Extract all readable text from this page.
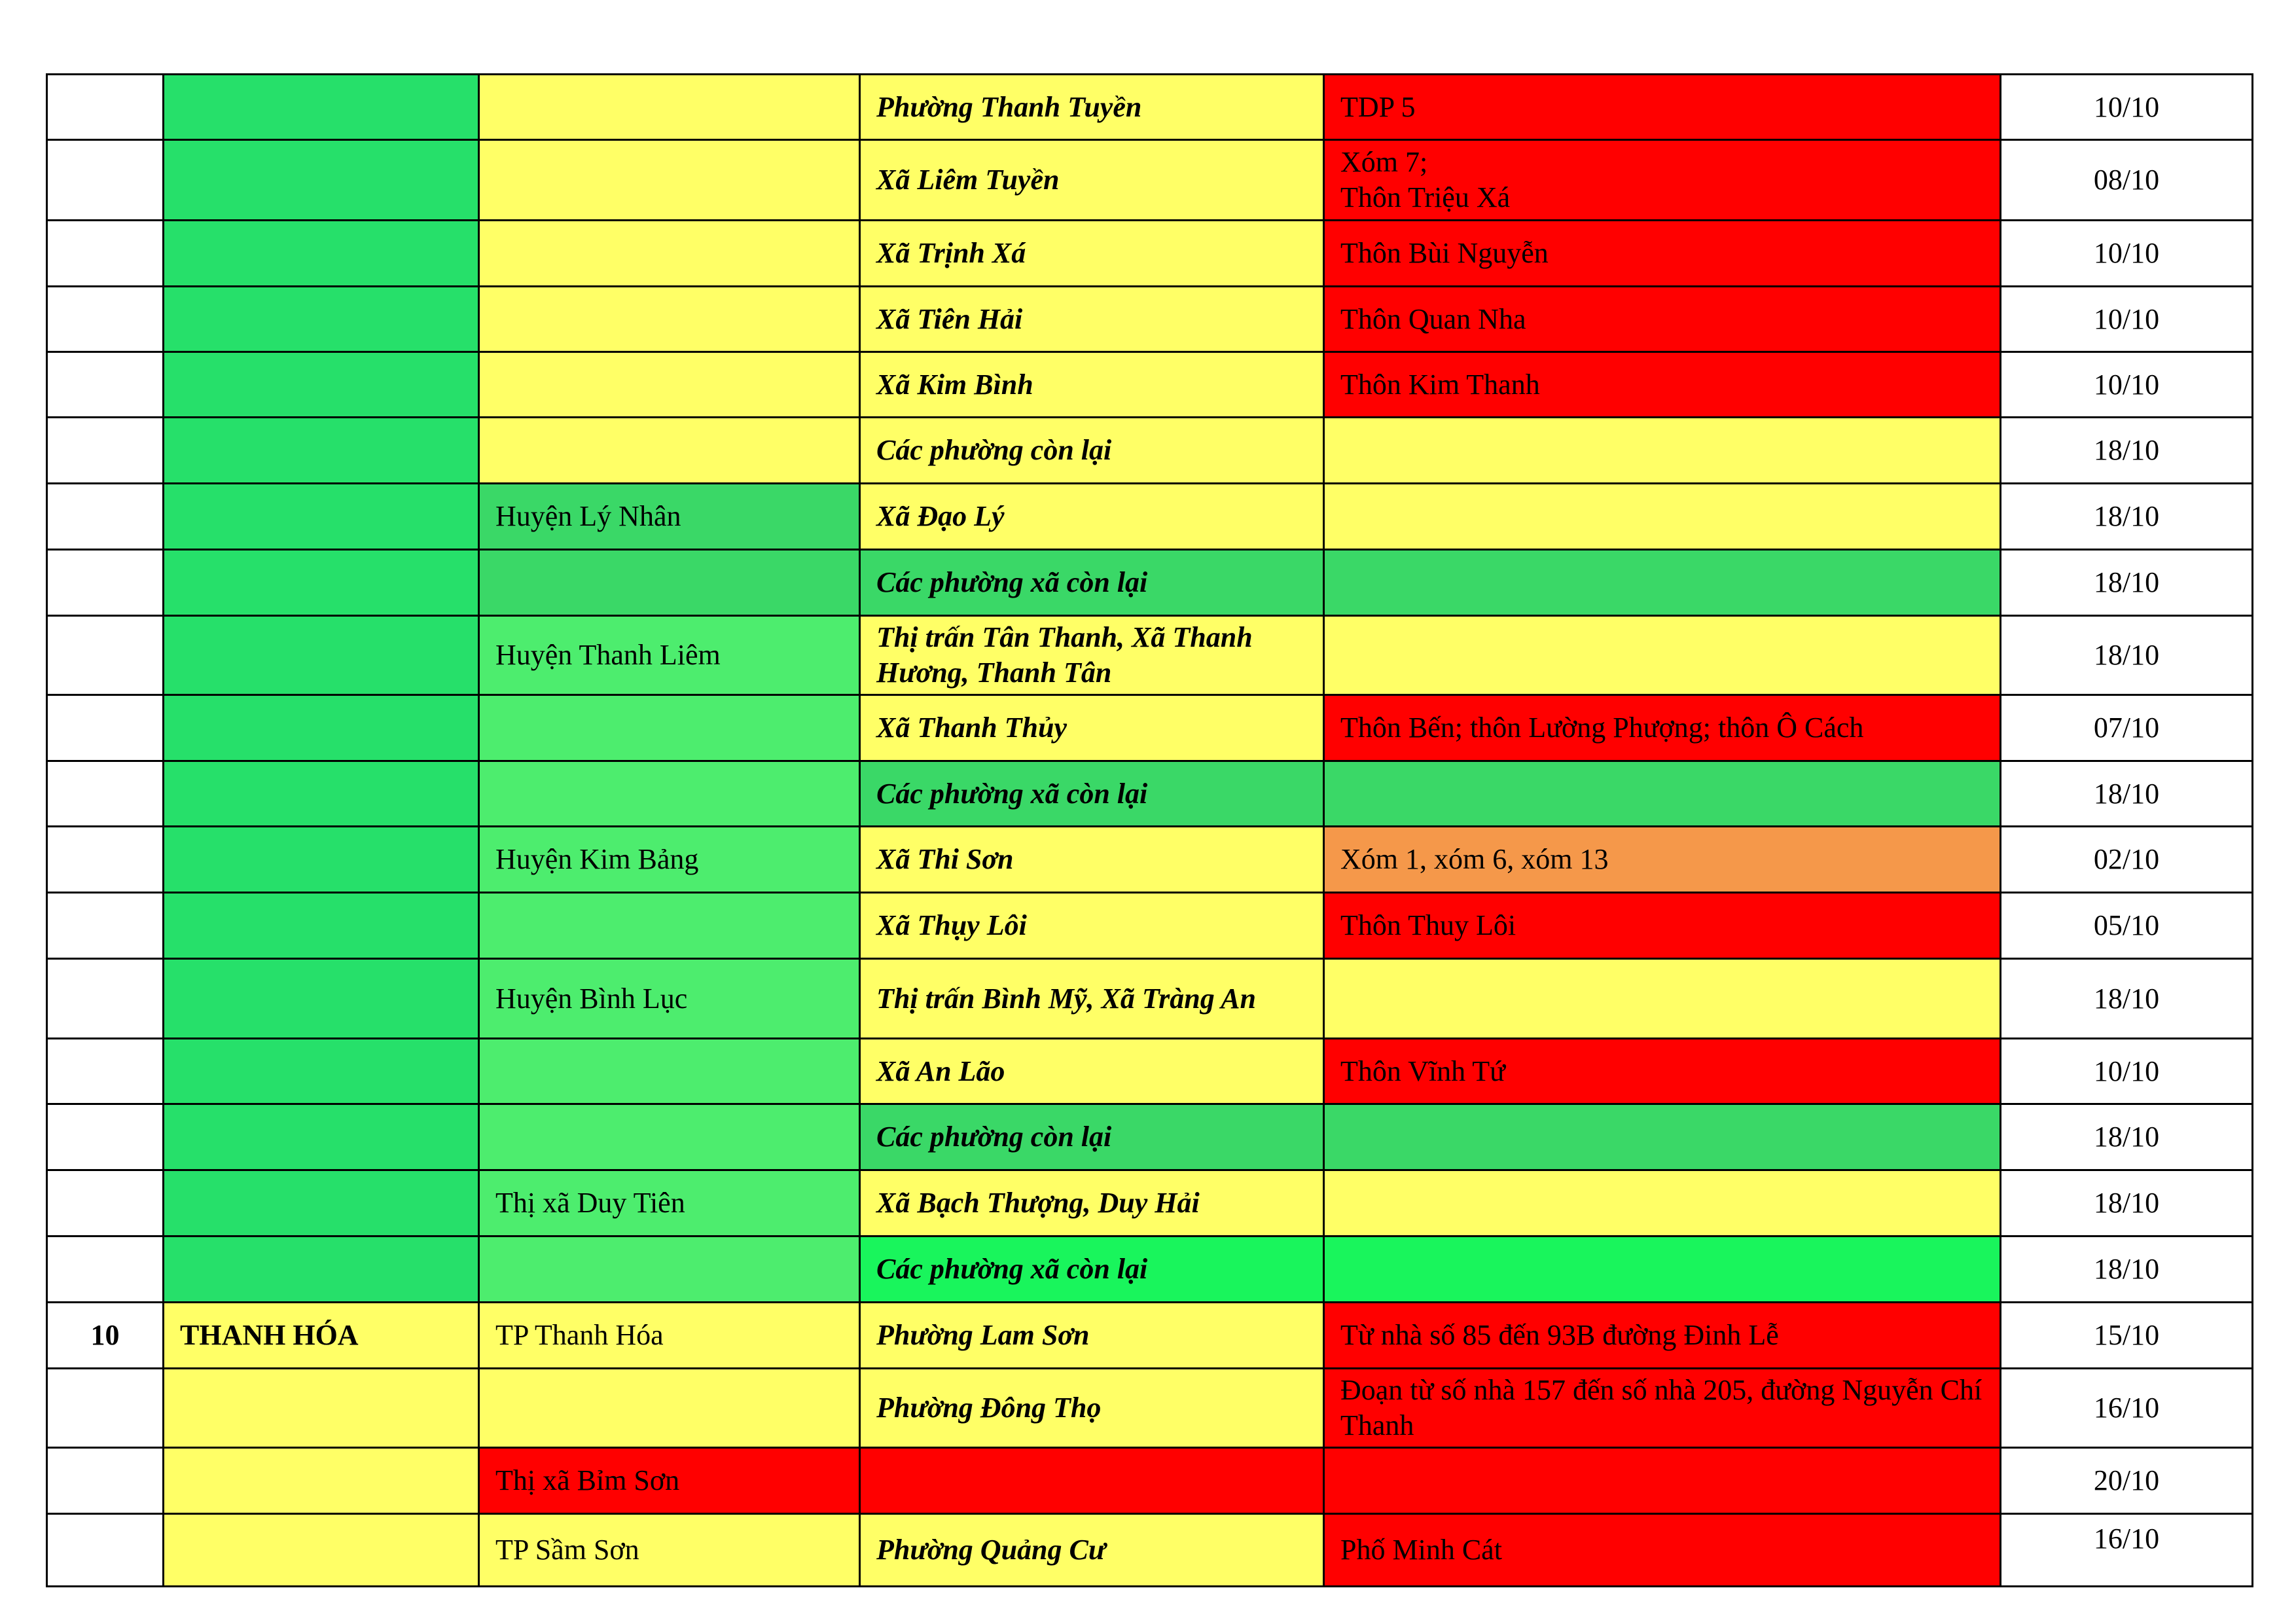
			Phường Thanh Tuyền	TDP 5	10/10
			Xã Liêm Tuyền	Xóm 7;
Thôn Triệu Xá	08/10
			Xã Trịnh Xá	Thôn Bùi Nguyễn	10/10
			Xã Tiên Hải	Thôn Quan Nha	10/10
			Xã Kim Bình	Thôn Kim Thanh	10/10
			Các phường còn lại		18/10
		Huyện Lý Nhân	Xã Đạo Lý		18/10
			Các phường xã còn lại		18/10
		Huyện Thanh Liêm	Thị trấn Tân Thanh, Xã Thanh Hương, Thanh Tân		18/10
			Xã Thanh Thủy	Thôn Bến; thôn Lường Phượng; thôn Ô Cách	07/10
			Các phường xã còn lại		18/10
		Huyện Kim Bảng	Xã Thi Sơn	Xóm 1, xóm 6, xóm 13	02/10
			Xã Thụy Lôi	Thôn Thuy Lôi	05/10
		Huyện Bình Lục	Thị trấn Bình Mỹ, Xã Tràng An		18/10
			Xã An Lão	Thôn Vĩnh Tứ	10/10
			Các phường còn lại		18/10
		Thị xã Duy Tiên	Xã Bạch Thượng, Duy Hải		18/10
			Các phường xã còn lại		18/10
10	THANH HÓA	TP Thanh Hóa	Phường Lam Sơn	Từ nhà số 85 đến 93B đường Đinh Lễ	15/10
			Phường Đông Thọ	Đoạn từ số nhà 157 đến số nhà 205, đường Nguyễn Chí Thanh	16/10
		Thị xã Bỉm Sơn			20/10
		TP Sầm Sơn	Phường Quảng Cư	Phố Minh Cát	16/10
